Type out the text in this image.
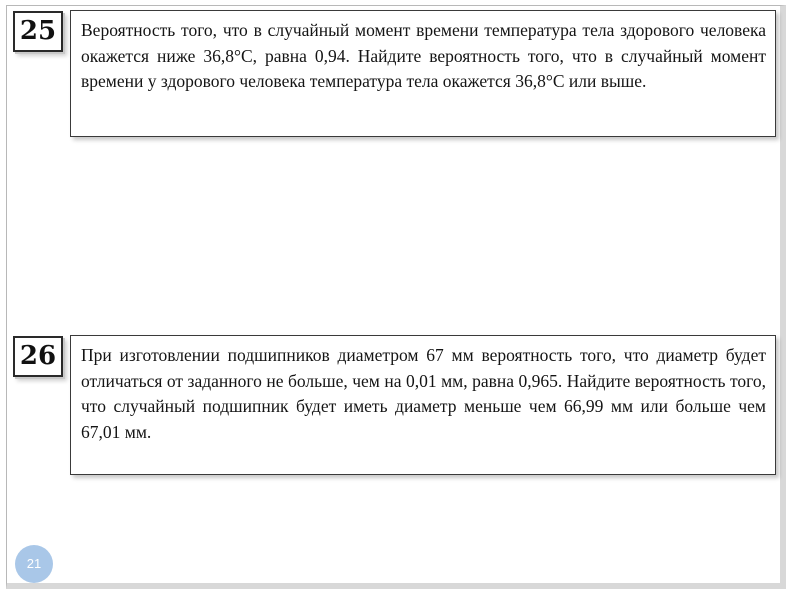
25	Вероятность того, что в случайный момент времени температура тела здорового человека окажется ниже 36,8°C, равна 0,94. Найдите вероятность того, что в случайный момент времени у здорового человека температура тела окажется 36,8°C или выше.

26	При изготовлении подшипников диаметром 67 мм вероятность того, что диаметр будет отличаться от заданного не больше, чем на 0,01 мм, равна 0,965. Найдите вероятность того, что случайный подшипник будет иметь диаметр меньше чем 66,99 мм или больше чем 67,01 мм.

21
